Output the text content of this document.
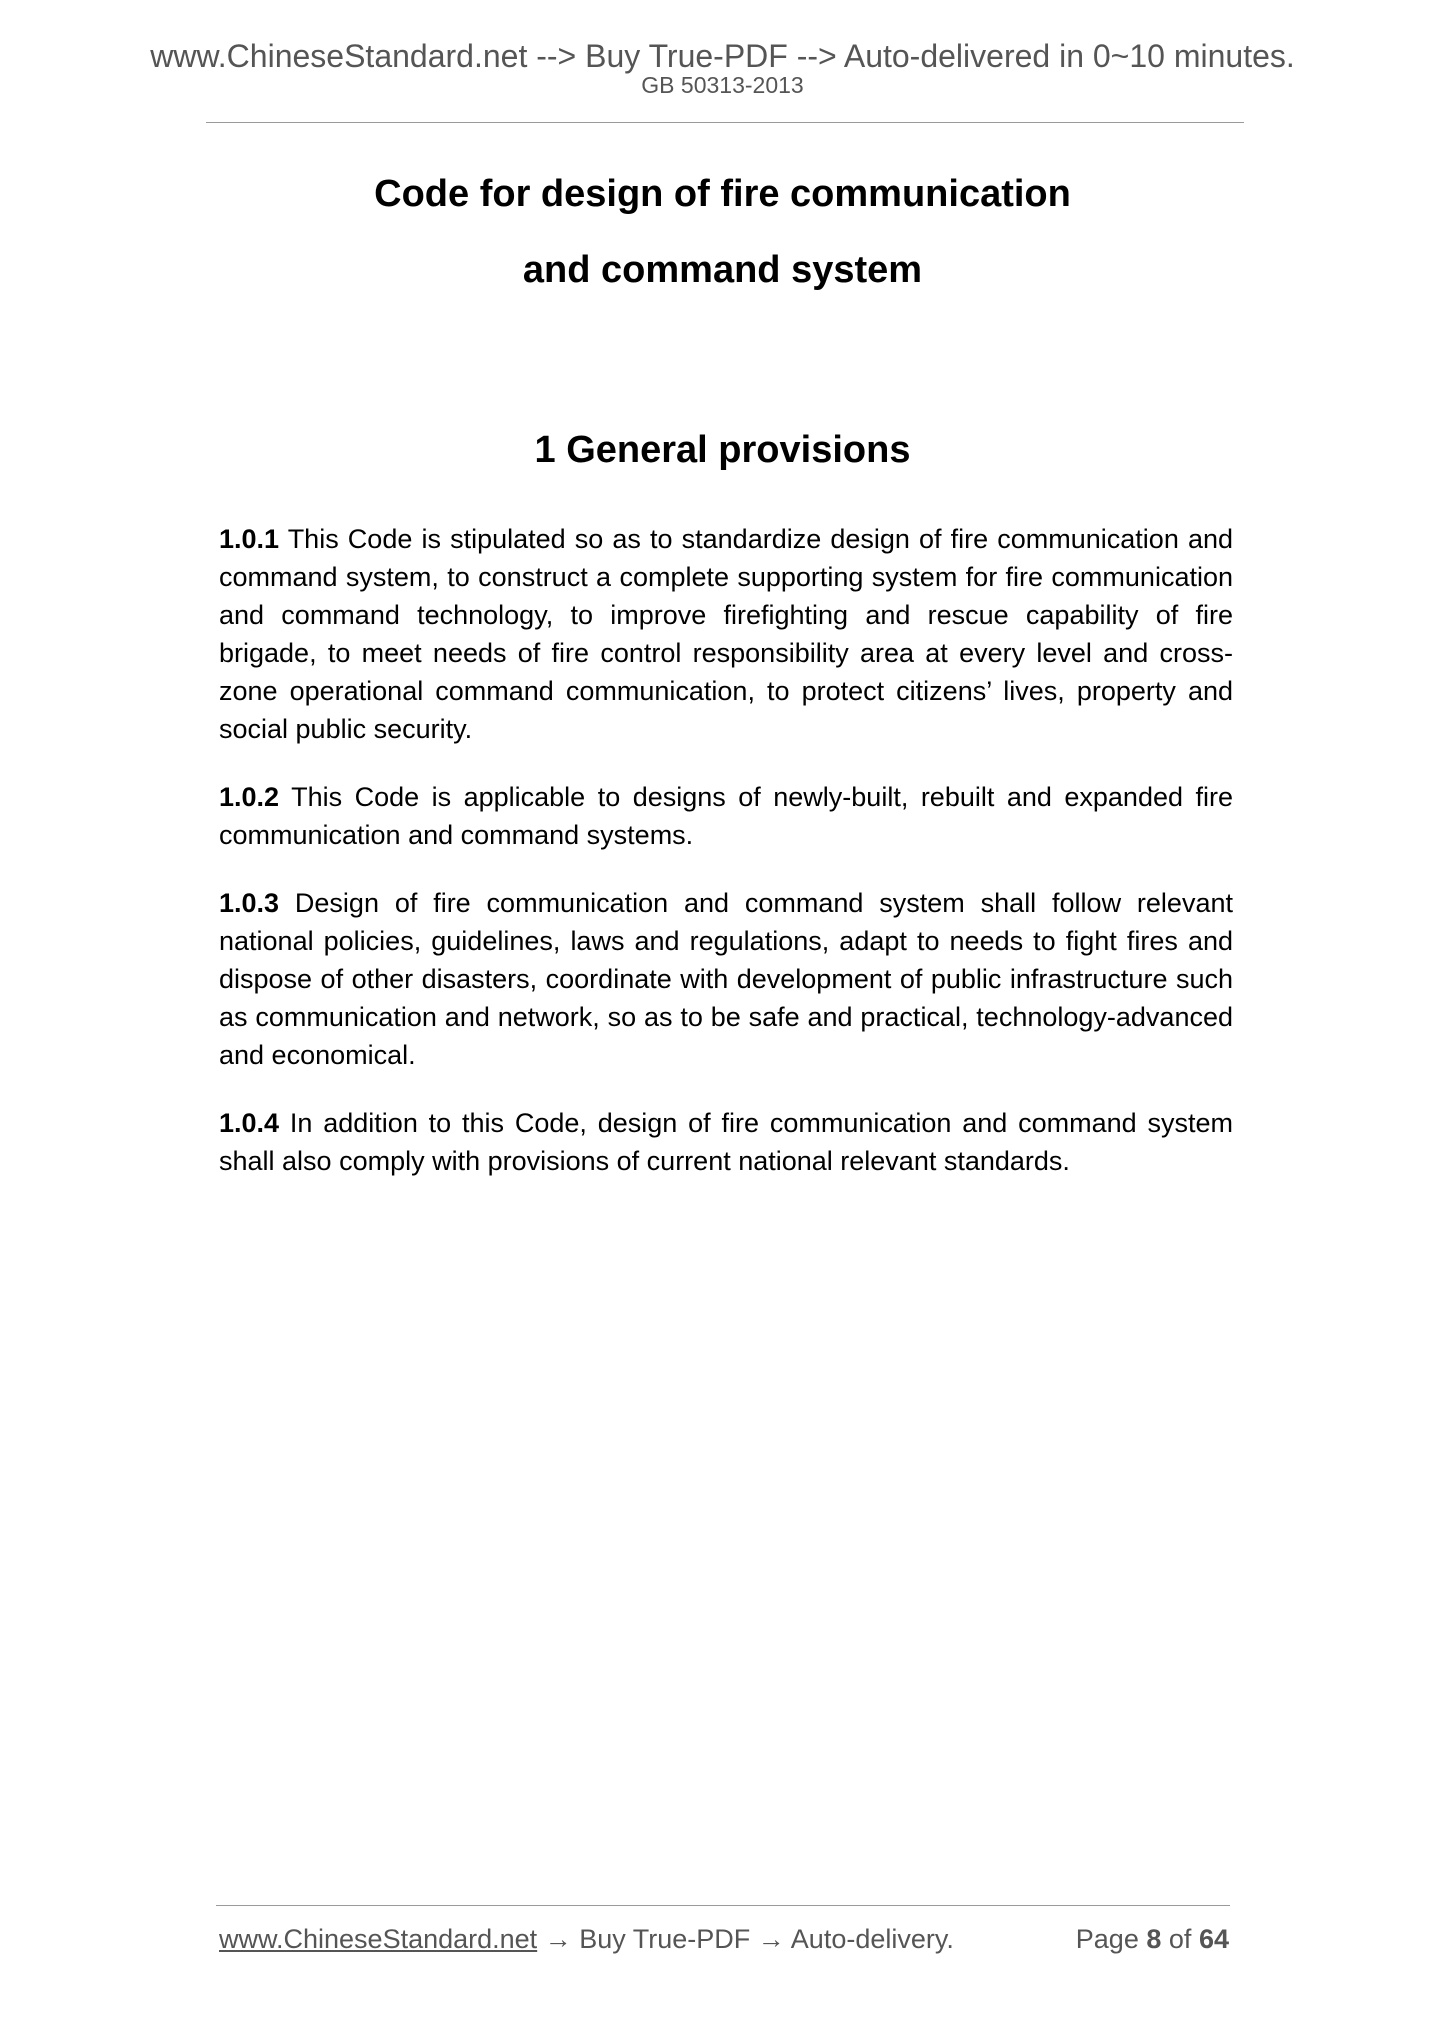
www.ChineseStandard.net --> Buy True-PDF --> Auto-delivered in 0~10 minutes.
GB 50313-2013
Code for design of fire communication
and command system
1 General provisions

1.0.1 This Code is stipulated so as to standardize design of fire communication and command system, to construct a complete supporting system for fire communication and command technology, to improve firefighting and rescue capability of fire brigade, to meet needs of fire control responsibility area at every level and cross-zone operational command communication, to protect citizens’ lives, property and social public security.

1.0.2 This Code is applicable to designs of newly-built, rebuilt and expanded fire communication and command systems.

1.0.3 Design of fire communication and command system shall follow relevant national policies, guidelines, laws and regulations, adapt to needs to fight fires and dispose of other disasters, coordinate with development of public infrastructure such as communication and network, so as to be safe and practical, technology-advanced and economical.

1.0.4 In addition to this Code, design of fire communication and command system shall also comply with provisions of current national relevant standards.

www.ChineseStandard.net → Buy True-PDF → Auto-delivery.	Page 8 of 64
